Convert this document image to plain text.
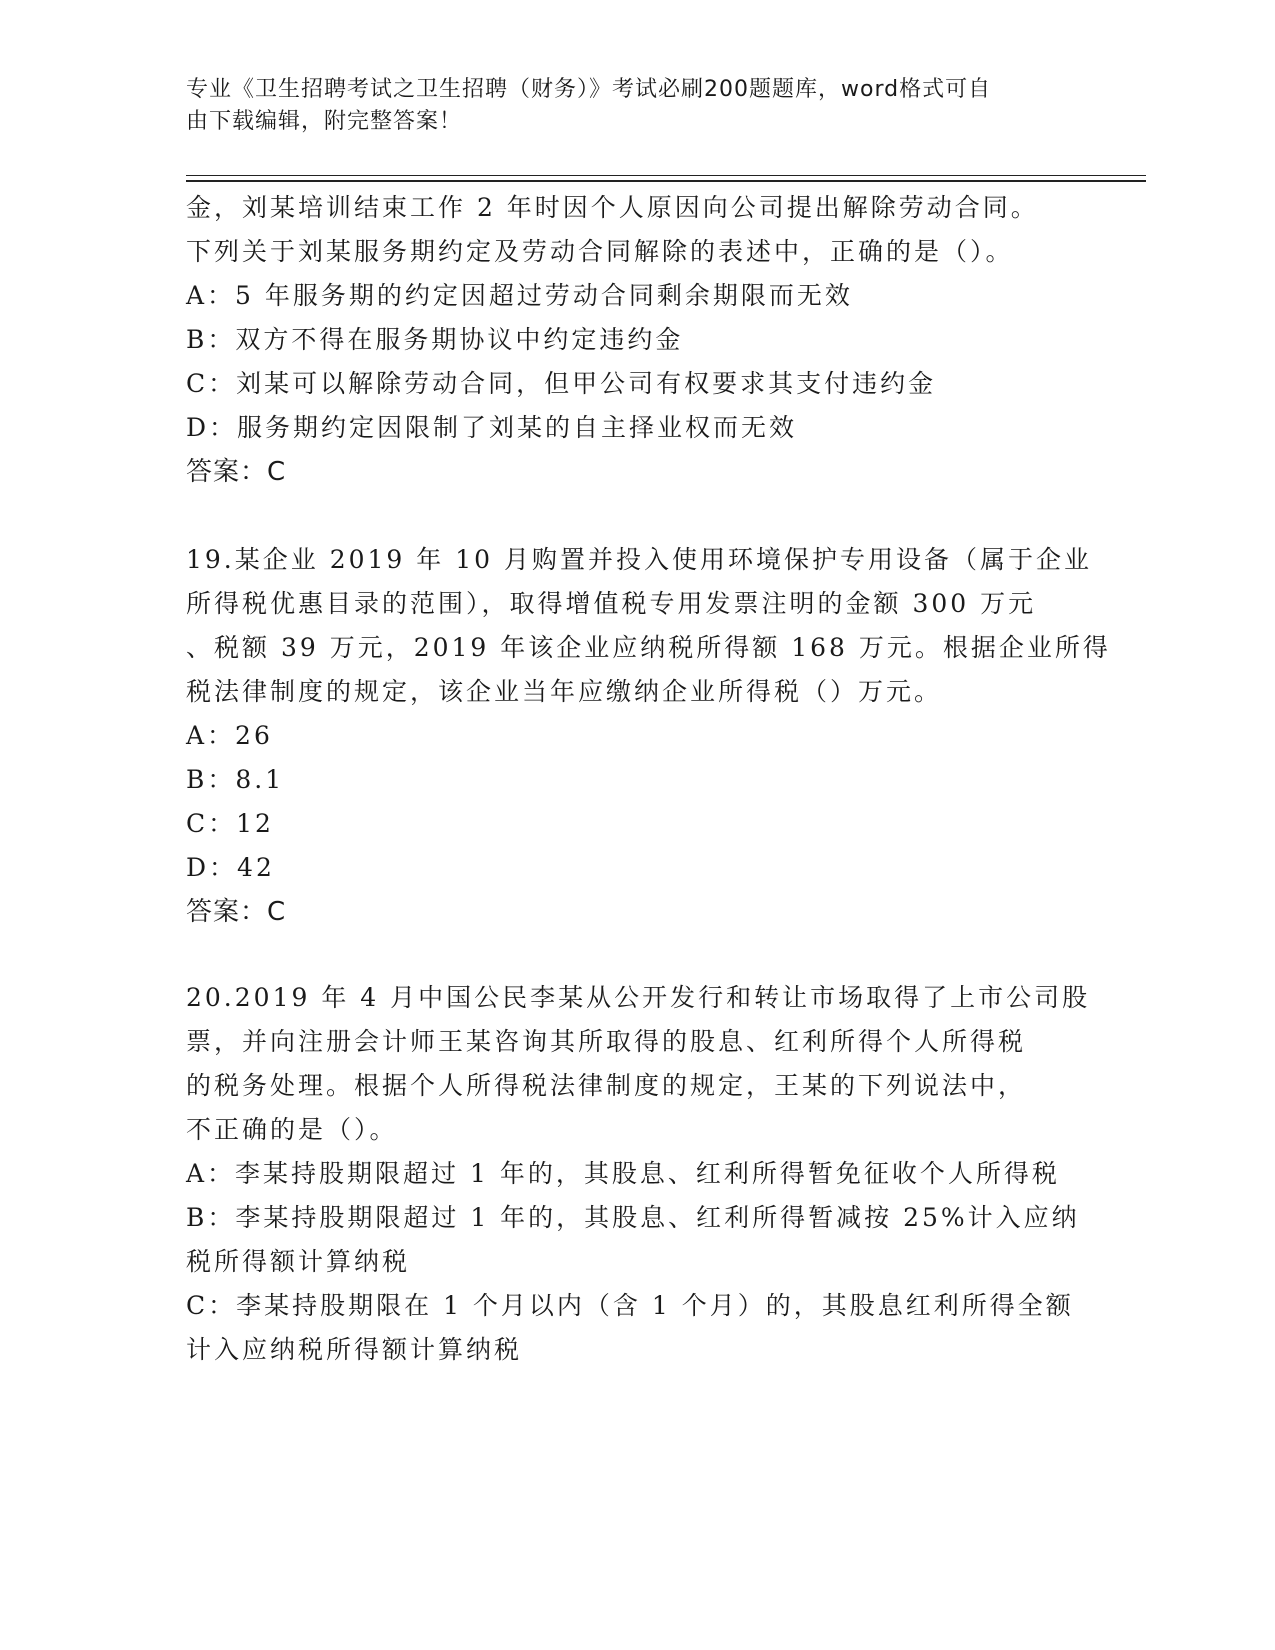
专业《卫生招聘考试之卫生招聘（财务）》考试必刷200题题库，word格式可自
由下载编辑，附完整答案！
金，刘某培训结束工作 2 年时因个人原因向公司提出解除劳动合同。
下列关于刘某服务期约定及劳动合同解除的表述中，正确的是（）。
A：5 年服务期的约定因超过劳动合同剩余期限而无效
B：双方不得在服务期协议中约定违约金
C：刘某可以解除劳动合同，但甲公司有权要求其支付违约金
D：服务期约定因限制了刘某的自主择业权而无效
答案：C
19.某企业 2019 年 10 月购置并投入使用环境保护专用设备（属于企业
所得税优惠目录的范围），取得增值税专用发票注明的金额 300 万元
、税额 39 万元，2019 年该企业应纳税所得额 168 万元。根据企业所得
税法律制度的规定，该企业当年应缴纳企业所得税（）万元。
A：26
B：8.1
C：12
D：42
答案：C
20.2019 年 4 月中国公民李某从公开发行和转让市场取得了上市公司股
票，并向注册会计师王某咨询其所取得的股息、红利所得个人所得税
的税务处理。根据个人所得税法律制度的规定，王某的下列说法中，
不正确的是（）。
A：李某持股期限超过 1 年的，其股息、红利所得暂免征收个人所得税
B：李某持股期限超过 1 年的，其股息、红利所得暂减按 25%计入应纳
税所得额计算纳税
C：李某持股期限在 1 个月以内（含 1 个月）的，其股息红利所得全额
计入应纳税所得额计算纳税
